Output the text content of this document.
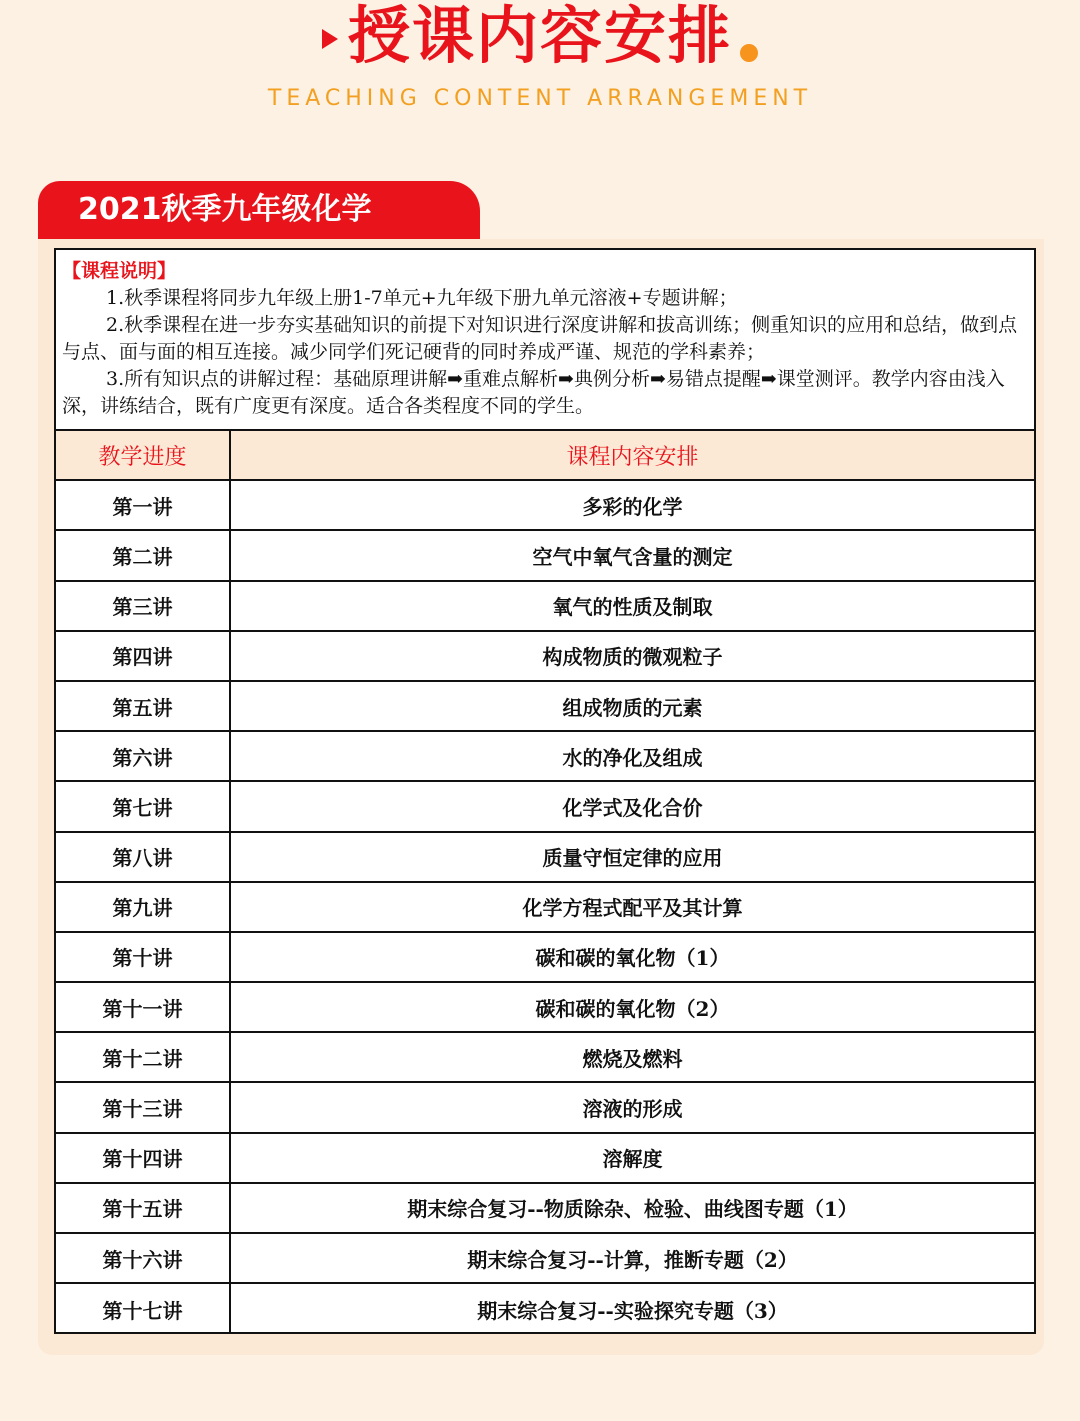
授课内容安排
TEACHING CONTENT ARRANGEMENT
2021秋季九年级化学
【课程说明】

1.秋季课程将同步九年级上册1-7单元+九年级下册九单元溶液+专题讲解；

2.秋季课程在进一步夯实基础知识的前提下对知识进行深度讲解和拔高训练；侧重知识的应用和总结，做到点与点、面与面的相互连接。减少同学们死记硬背的同时养成严谨、规范的学科素养；

3.所有知识点的讲解过程：基础原理讲解➡重难点解析➡典例分析➡易错点提醒➡课堂测评。教学内容由浅入深，讲练结合，既有广度更有深度。适合各类程度不同的学生。

教学进度	课程内容安排
第一讲	多彩的化学
第二讲	空气中氧气含量的测定
第三讲	氧气的性质及制取
第四讲	构成物质的微观粒子
第五讲	组成物质的元素
第六讲	水的净化及组成
第七讲	化学式及化合价
第八讲	质量守恒定律的应用
第九讲	化学方程式配平及其计算
第十讲	碳和碳的氧化物（1）
第十一讲	碳和碳的氧化物（2）
第十二讲	燃烧及燃料
第十三讲	溶液的形成
第十四讲	溶解度
第十五讲	期末综合复习--物质除杂、检验、曲线图专题（1）
第十六讲	期末综合复习--计算，推断专题（2）
第十七讲	期末综合复习--实验探究专题（3）
